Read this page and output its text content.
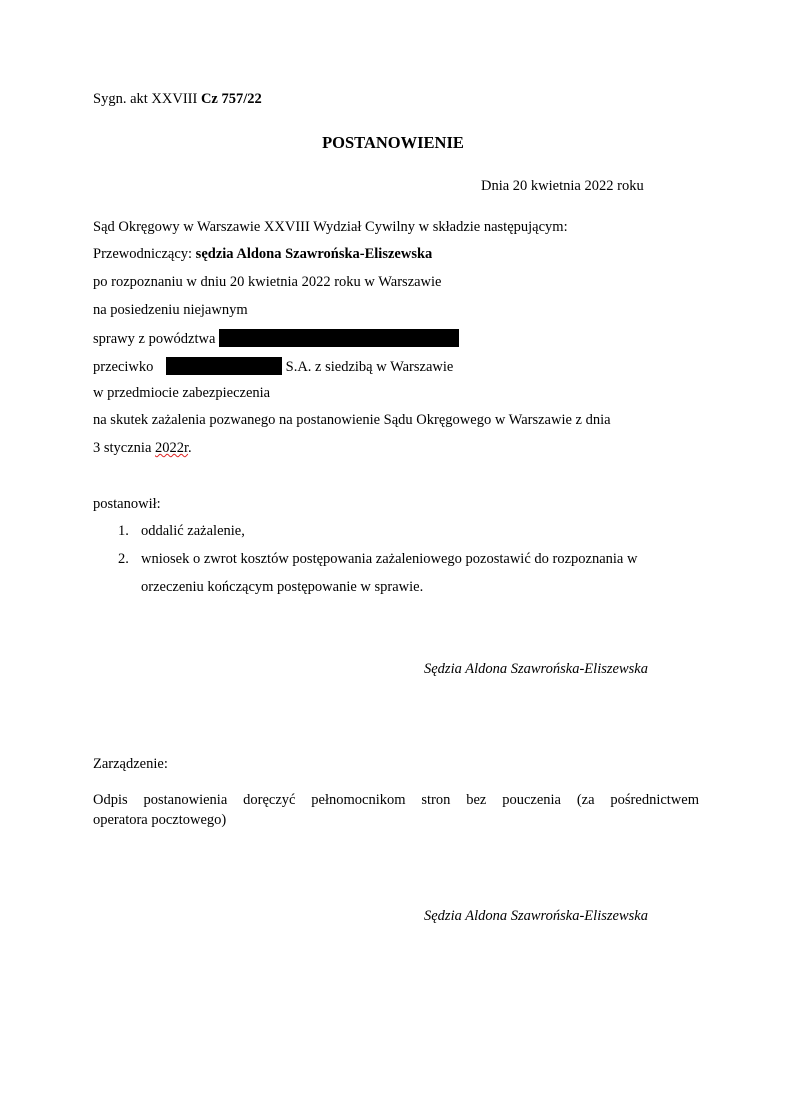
Sygn. akt XXVIII Cz 757/22
POSTANOWIENIE
Dnia 20 kwietnia 2022 roku
Sąd Okręgowy w Warszawie XXVIII Wydział Cywilny w składzie następującym:
Przewodniczący: sędzia Aldona Szawrońska-Eliszewska
po rozpoznaniu w dniu 20 kwietnia 2022 roku w Warszawie
na posiedzeniu niejawnym
sprawy z powództwa
przeciwko	S.A. z siedzibą w Warszawie
w przedmiocie zabezpieczenia
na skutek zażalenia pozwanego na postanowienie Sądu Okręgowego w Warszawie z dnia
3 stycznia 2022r.
postanowił:
1. oddalić zażalenie,
2. wniosek o zwrot kosztów postępowania zażaleniowego pozostawić do rozpoznania w
orzeczeniu kończącym postępowanie w sprawie.
Sędzia Aldona Szawrońska-Eliszewska
Zarządzenie:
Odpis postanowienia doręczyć pełnomocnikom stron bez pouczenia (za pośrednictwem
operatora pocztowego)
Sędzia Aldona Szawrońska-Eliszewska
